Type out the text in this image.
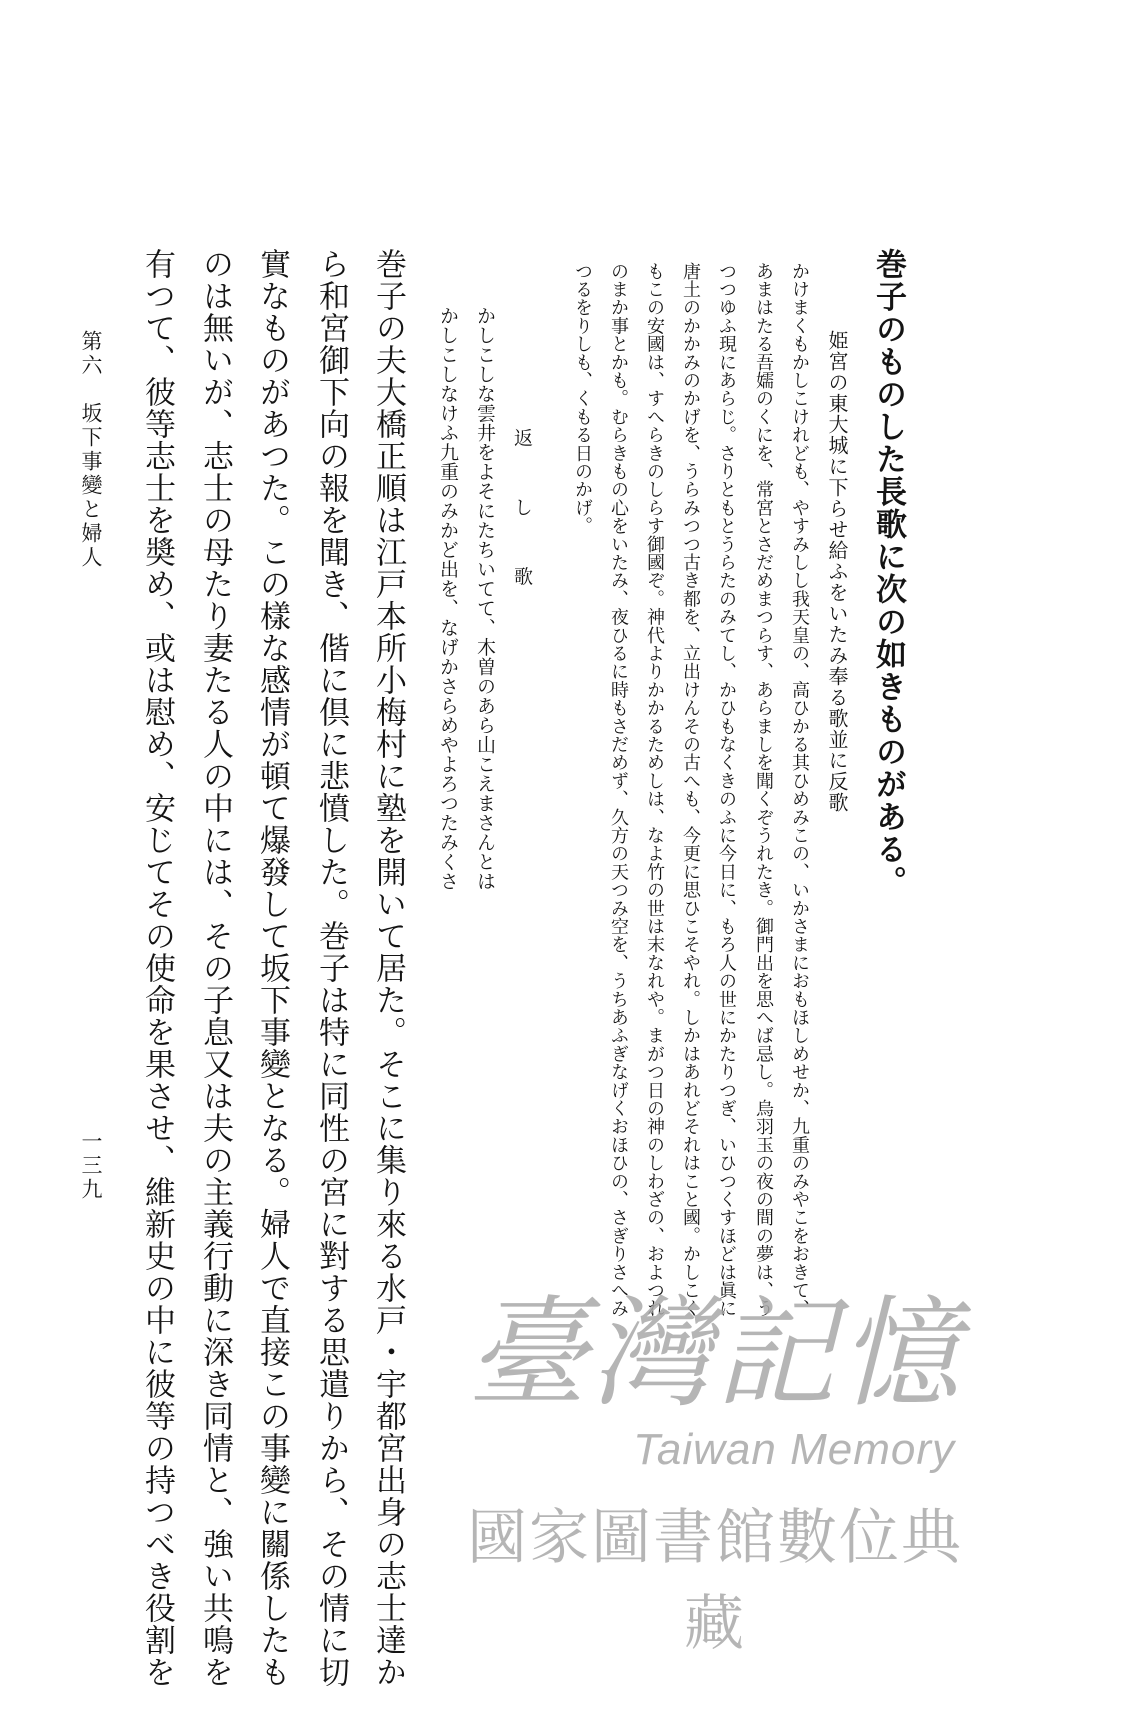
巻子のものした長歌に次の如きものがある。
姫宮の東大城に下らせ給ふをいたみ奉る歌並に反歌
かけまくもかしこけれども、やすみしし我天皇の、高ひかる其ひめみこの、いかさまにおもほしめせか、九重のみやこをおきて、
あまはたる吾嬬のくにを、常宮とさだめまつらす、あらましを聞くぞうれたき。御門出を思へば忌し。烏羽玉の夜の間の夢は、う
つつゆふ現にあらじ。さりともとうらたのみてし、かひもなくきのふに今日に、もろ人の世にかたりつぎ、いひつくすほどは眞に
唐土のかかみのかげを、うらみつつ古き都を、立出けんその古へも、今更に思ひこそやれ。しかはあれどそれはこと國。かしこく
もこの安國は、すへらきのしらす御國ぞ。神代よりかかるためしは、なよ竹の世は末なれや。まがつ日の神のしわざの、およつれ
のまか事とかも。むらきもの心をいたみ、夜ひるに時もさだめず、久方の天つみ空を、うちあふぎなげくおほひの、さぎりさへみ
つるをりしも、くもる日のかげ。
返 し 歌
かしこしな雲井をよそにたちいてて、木曽のあら山こえまさんとは
かしこしなけふ九重のみかど出を、なげかさらめやよろつたみくさ
巻子の夫大橋正順は江戸本所小梅村に塾を開いて居た。そこに集り來る水戸・宇都宮出身の志士達か
ら和宮御下向の報を聞き、偕に倶に悲憤した。巻子は特に同性の宮に對する思遣りから、その情に切
實なものがあつた。この樣な感情が頓て爆發して坂下事變となる。婦人で直接この事變に關係したも
のは無いが、志士の母たり妻たる人の中には、その子息又は夫の主義行動に深き同情と、強い共鳴を
有つて、彼等志士を奬め、或は慰め、安じてその使命を果させ、維新史の中に彼等の持つべき役割を
第六　坂下事變と婦人
一三九
臺灣記憶
Taiwan Memory
國家圖書館數位典藏
